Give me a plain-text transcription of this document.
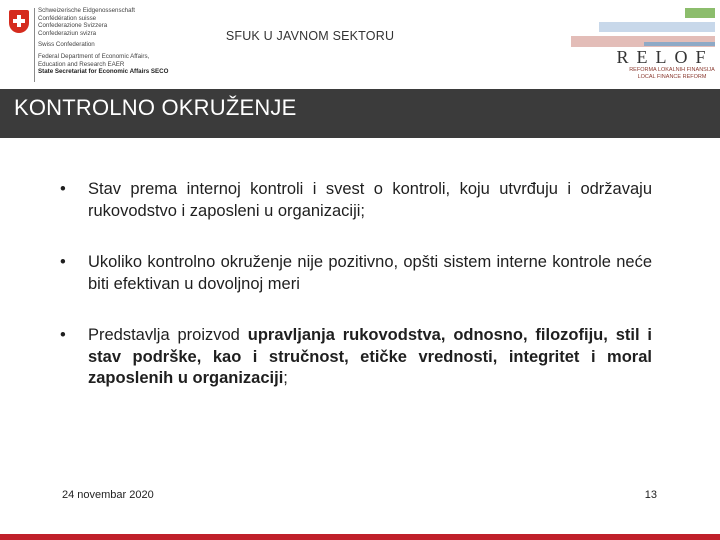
Schweizerische Eidgenossenschaft
Confédération suisse
Confederazione Svizzera
Confederaziun svizra
Swiss Confederation
Federal Department of Economic Affairs,
Education and Research EAER
State Secretariat for Economic Affairs SECO
SFUK U JAVNOM SEKTORU
RELOF
REFORMA LOKALNIH FINANSIJA
LOCAL FINANCE REFORM
KONTROLNO OKRUŽENJE
• Stav prema internoj kontroli i svest o kontroli, koju utvrđuju i održavaju rukovodstvo i zaposleni u organizaciji;
• Ukoliko kontrolno okruženje nije pozitivno, opšti sistem interne kontrole neće biti efektivan u dovoljnoj meri
• Predstavlja proizvod upravljanja rukovodstva, odnosno, filozofiju, stil i stav podrške, kao i stručnost, etičke vrednosti, integritet i moral zaposlenih u organizaciji;
24 novembar 2020	13
